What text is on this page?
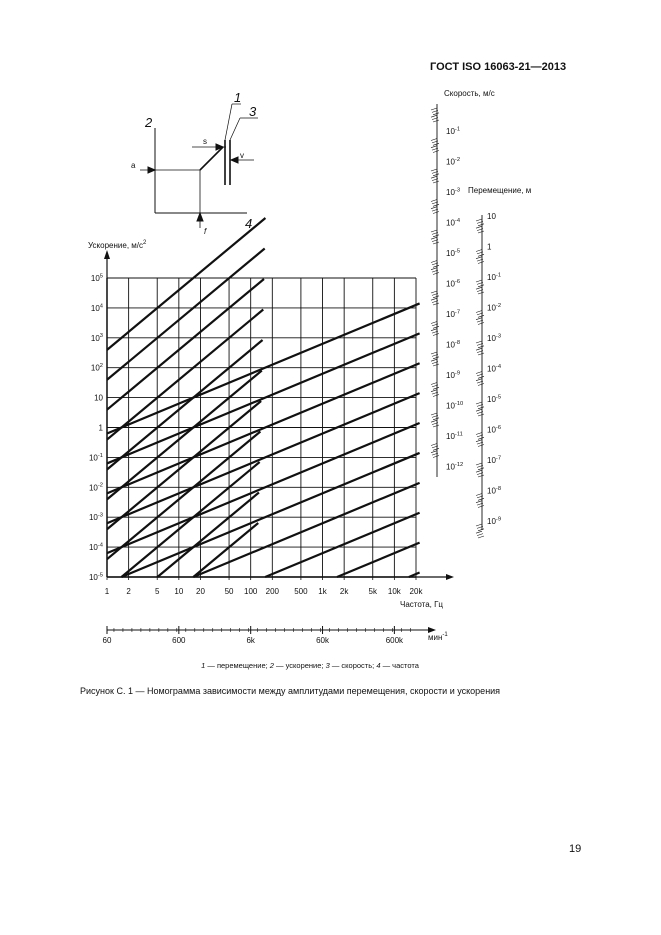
ГОСТ ISO 16063-21—2013
1
2
3
4
s
a
v
f
Ускорение, $м/с^2$
Скорость, м/с
Перемещение, м
Частота, Гц
мин$^{-1}$
1 2	5 10 20 50 100 200 500 1k 2k	5k 10k 20k
$10^5$
$10^4$
$10^3$
$10^2$
10
1
$10^{-1}$
$10^{-2}$
$10^{-3}$
$10^{-4}$
$10^{-5}$
$10^{-1}$
$10^{-2}$
$10^{-3}$
$10^{-4}$
$10^{-5}$
$10^{-6}$
$10^{-7}$
$10^{-8}$
$10^{-9}$
$10^{-10}$
$10^{-11}$
$10^{-12}$
10
1
$10^{-1}$
$10^{-2}$
$10^{-3}$
$10^{-4}$
$10^{-5}$
$10^{-6}$
$10^{-7}$
$10^{-8}$
$10^{-9}$
60	600	6k	60k	600k
1 — перемещение; 2 — ускорение; 3 — скорость; 4 — частота
Рисунок С. 1 — Номограмма зависимости между амплитудами перемещения, скорости и ускорения
19
